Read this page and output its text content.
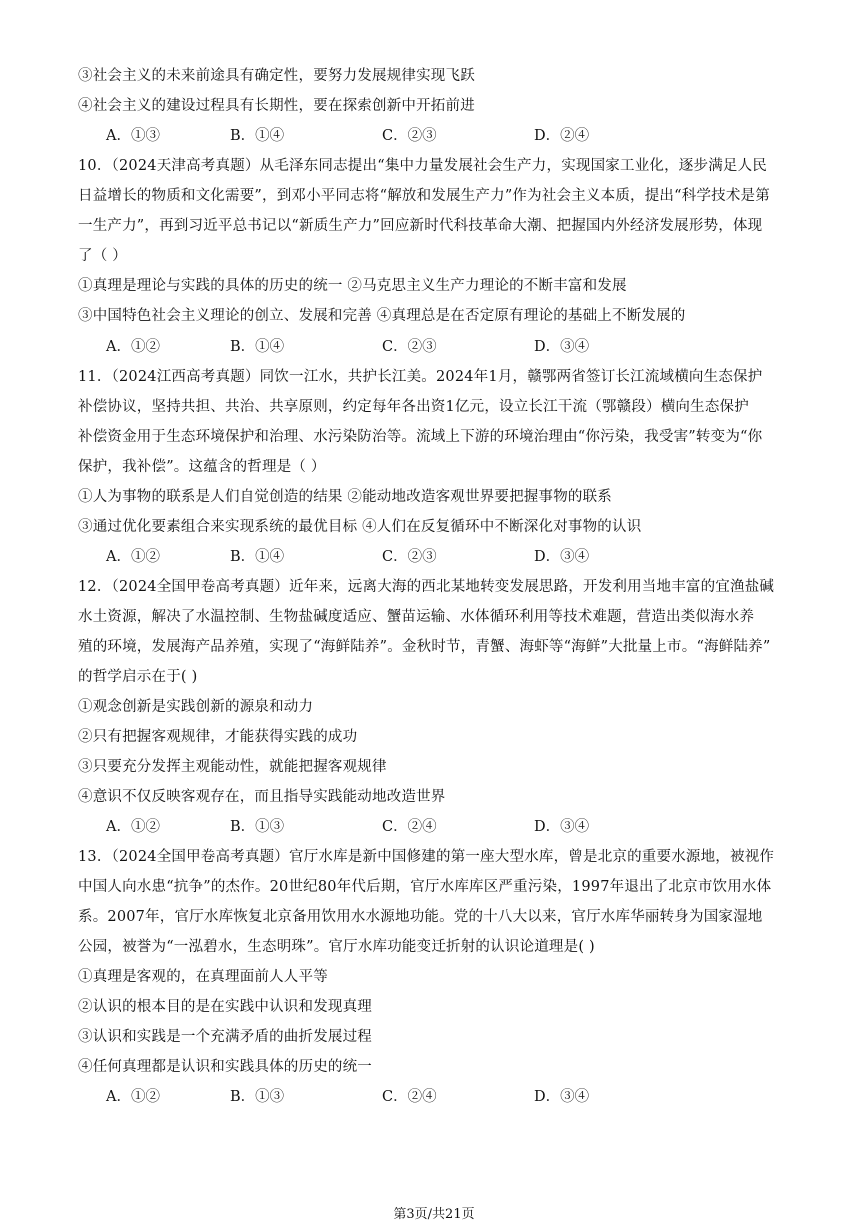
③社会主义的未来前途具有确定性，要努力发展规律实现飞跃
④社会主义的建设过程具有长期性，要在探索创新中开拓前进
A．①③	B．①④	C．②③	D．②④
10．（2024天津高考真题）从毛泽东同志提出“集中力量发展社会生产力，实现国家工业化，逐步满足人民
日益增长的物质和文化需要”，到邓小平同志将“解放和发展生产力”作为社会主义本质，提出“科学技术是第
一生产力”，再到习近平总书记以“新质生产力”回应新时代科技革命大潮、把握国内外经济发展形势，体现
了（ ）
①真理是理论与实践的具体的历史的统一 ②马克思主义生产力理论的不断丰富和发展
③中国特色社会主义理论的创立、发展和完善 ④真理总是在否定原有理论的基础上不断发展的
A．①②	B．①④	C．②③	D．③④
11．（2024江西高考真题）同饮一江水，共护长江美。2024年1月，赣鄂两省签订长江流域横向生态保护
补偿协议，坚持共担、共治、共享原则，约定每年各出资1亿元，设立长江干流（鄂赣段）横向生态保护
补偿资金用于生态环境保护和治理、水污染防治等。流域上下游的环境治理由“你污染，我受害”转变为“你
保护，我补偿”。这蕴含的哲理是（ ）
①人为事物的联系是人们自觉创造的结果 ②能动地改造客观世界要把握事物的联系
③通过优化要素组合来实现系统的最优目标 ④人们在反复循环中不断深化对事物的认识
A．①②	B．①④	C．②③	D．③④
12．（2024全国甲卷高考真题）近年来，远离大海的西北某地转变发展思路，开发利用当地丰富的宜渔盐碱
水土资源，解决了水温控制、生物盐碱度适应、蟹苗运输、水体循环利用等技术难题，营造出类似海水养
殖的环境，发展海产品养殖，实现了“海鲜陆养”。金秋时节，青蟹、海虾等“海鲜”大批量上市。“海鲜陆养”
的哲学启示在于( )
①观念创新是实践创新的源泉和动力
②只有把握客观规律，才能获得实践的成功
③只要充分发挥主观能动性，就能把握客观规律
④意识不仅反映客观存在，而且指导实践能动地改造世界
A．①②	B．①③	C．②④	D．③④
13．（2024全国甲卷高考真题）官厅水库是新中国修建的第一座大型水库，曾是北京的重要水源地，被视作
中国人向水患“抗争”的杰作。20世纪80年代后期，官厅水库库区严重污染，1997年退出了北京市饮用水体
系。2007年，官厅水库恢复北京备用饮用水水源地功能。党的十八大以来，官厅水库华丽转身为国家湿地
公园，被誉为“一泓碧水，生态明珠”。官厅水库功能变迁折射的认识论道理是( )
①真理是客观的，在真理面前人人平等
②认识的根本目的是在实践中认识和发现真理
③认识和实践是一个充满矛盾的曲折发展过程
④任何真理都是认识和实践具体的历史的统一
A．①②	B．①③	C．②④	D．③④
第3页/共21页
